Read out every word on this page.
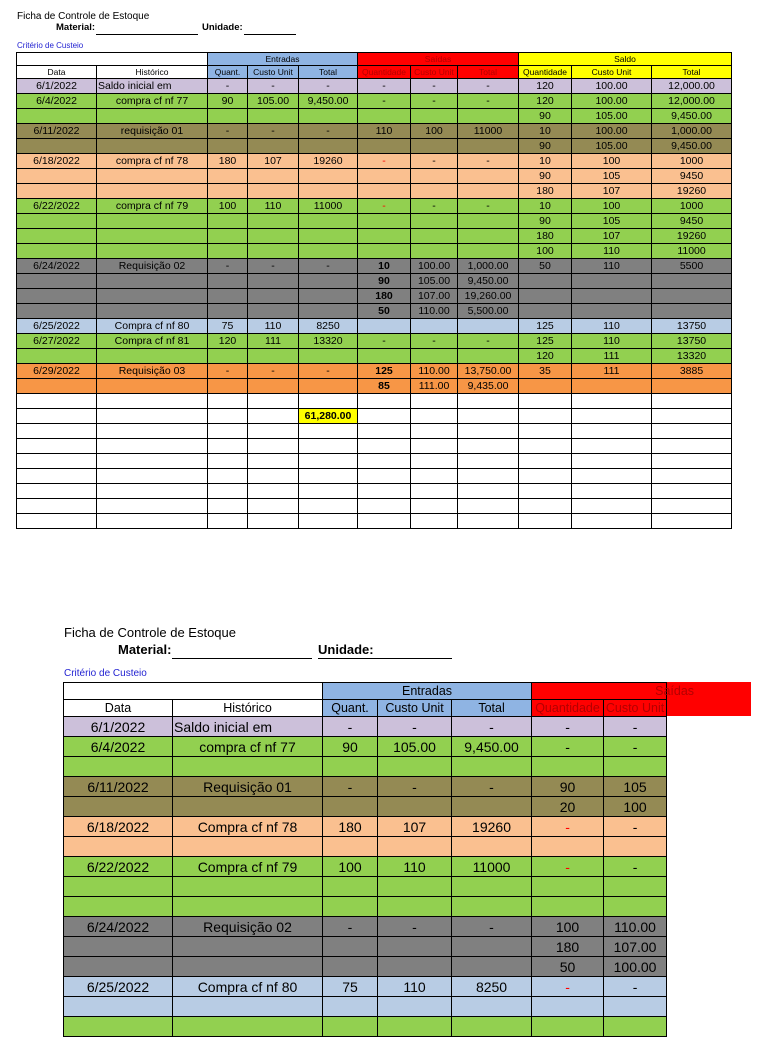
Ficha de Controle de Estoque
Material:	Unidade:
Critério de Custeio
		Entradas			Saídas			Saldo		
Data	Histórico	Quant.	Custo Unit	Total	Quantidade	Custo Unit	Total	Quantidade	Custo Unit	Total
6/1/2022	Saldo inicial em	-	-	-	-	-	-	120	100.00	12,000.00
6/4/2022	compra cf nf 77	90	105.00	9,450.00	-	-	-	120	100.00	12,000.00
								90	105.00	9,450.00
6/11/2022	requisição 01	-	-	-	110	100	11000	10	100.00	1,000.00
								90	105.00	9,450.00
6/18/2022	compra cf nf 78	180	107	19260	-	-	-	10	100	1000
								90	105	9450
								180	107	19260
6/22/2022	compra cf nf 79	100	110	11000	-	-	-	10	100	1000
								90	105	9450
								180	107	19260
								100	110	11000
6/24/2022	Requisição 02	-	-	-	10	100.00	1,000.00	50	110	5500
					90	105.00	9,450.00			
					180	107.00	19,260.00			
					50	110.00	5,500.00			
6/25/2022	Compra cf nf 80	75	110	8250				125	110	13750
6/27/2022	Compra cf nf 81	120	111	13320	-	-	-	125	110	13750
								120	111	13320
6/29/2022	Requisição 03	-	-	-	125	110.00	13,750.00	35	111	3885
					85	111.00	9,435.00			

				61,280.00						

Ficha de Controle de Estoque
Material:	Unidade:
Critério de Custeio
		Entradas			Saídas	
Data	Histórico	Quant.	Custo Unit	Total	Quantidade	Custo Unit
6/1/2022	Saldo inicial em	-	-	-	-	-
6/4/2022	compra cf nf 77	90	105.00	9,450.00	-	-

6/11/2022	Requisição 01	-	-	-	90	105
					20	100
6/18/2022	Compra cf nf 78	180	107	19260	-	-

6/22/2022	Compra cf nf 79	100	110	11000	-	-

6/24/2022	Requisição 02	-	-	-	100	110.00
					180	107.00
					50	100.00
6/25/2022	Compra cf nf 80	75	110	8250	-	-
